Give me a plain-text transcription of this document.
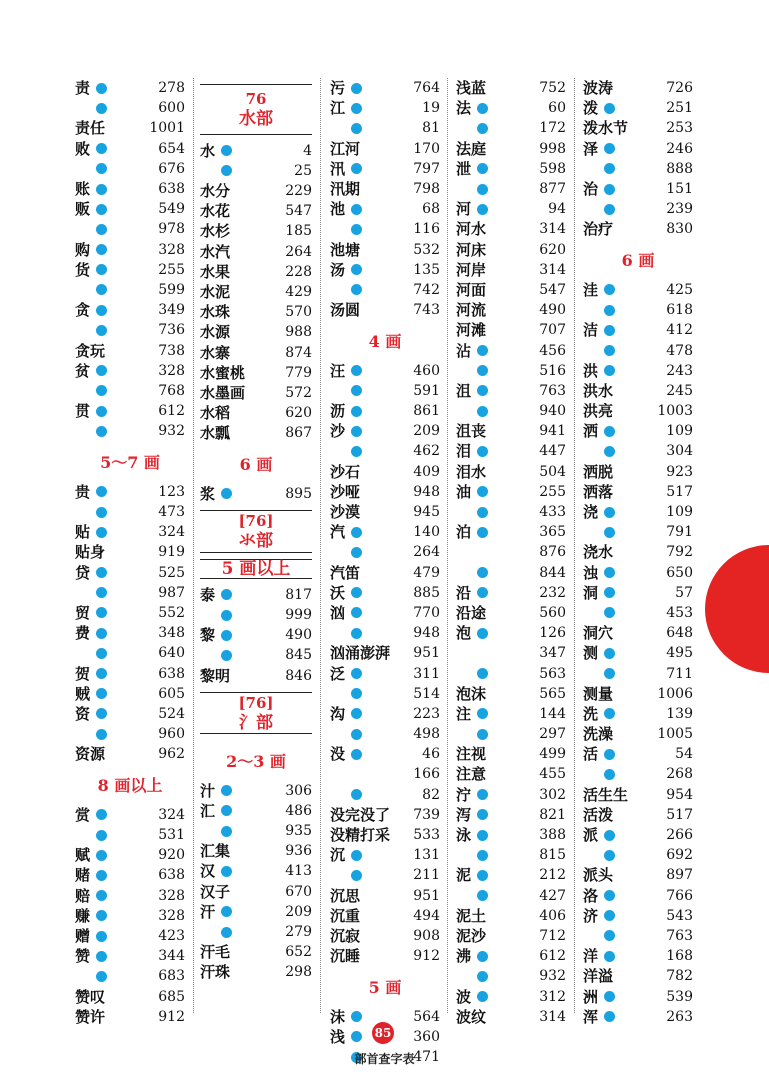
责	278
600
责任	1001
败	654
676
账	638
贩	549
978
购	328
货	255
599
贪	349
736
贪玩	738
贫	328
768
贯	612
932
5～7 画
贵	123
473
贴	324
贴身	919
贷	525
987
贸	552
费	348
640
贺	638
贼	605
资	524
960
资源	962
8 画以上
赏	324
531
赋	920
赌	638
赔	328
赚	328
赠	423
赞	344
683
赞叹	685
赞许	912
76
水部
水	4
25
水分	229
水花	547
水杉	185
水汽	264
水果	228
水泥	429
水珠	570
水源	988
水寨	874
水蜜桃	779
水墨画	572
水稻	620
水瓢	867
6 画
浆	895
[76]
氺部
5 画以上
泰	817
999
黎	490
845
黎明	846
[76]
氵部
2～3 画
汁	306
汇	486
935
汇集	936
汉	413
汉子	670
汗	209
279
汗毛	652
汗珠	298
污	764
江	19
81
江河	170
汛	797
汛期	798
池	68
116
池塘	532
汤	135
742
汤圆	743
4 画
汪	460
591
沥	861
沙	209
462
沙石	409
沙哑	948
沙漠	945
汽	140
264
汽笛	479
沃	885
汹	770
948
汹涌澎湃 951
泛	311
514
沟	223
498
没	46
166
82
没完没了 739
没精打采 533
沉	131
211
沉思	951
沉重	494
沉寂	908
沉睡	912
5 画
沫	564
浅	360
471
浅蓝	752
法	60
172
法庭	998
泄	598
877
河	94
河水	314
河床	620
河岸	314
河面	547
河流	490
河滩	707
沾	456
516
沮	763
940
沮丧	941
泪	447
泪水	504
油	255
433
泊	365
876
844
沿	232
沿途	560
泡	126
347
563
泡沫	565
注	144
297
注视	499
注意	455
泞	302
泻	821
泳	388
815
泥	212
427
泥土	406
泥沙	712
沸	612
932
波	312
波纹	314
波涛	726
泼	251
泼水节	253
泽	246
888
治	151
239
治疗	830
6 画
洼	425
618
洁	412
478
洪	243
洪水	245
洪亮	1003
洒	109
304
洒脱	923
洒落	517
浇	109
791
浇水	792
浊	650
洞	57
453
洞穴	648
测	495
711
测量	1006
洗	139
洗澡	1005
活	54
268
活生生	954
活泼	517
派	266
692
派头	897
洛	766
济	543
763
洋	168
洋溢	782
洲	539
浑	263
85
部首查字表
